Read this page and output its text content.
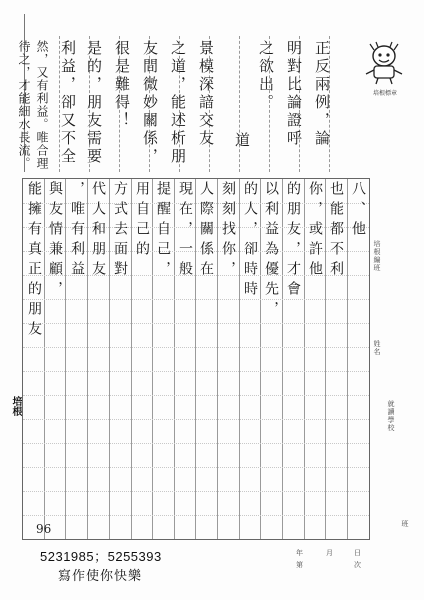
正反兩例，論
明對比論證呼
之欲出。
道
景模深諳交友
之道，能述析朋
友間微妙關係，
很是難得！
是的，朋友需要
利益，卻又不全
然，又有利益。唯合理待之，才能細水長流。
培根
培根標章
八、他
也能都不利
你，或許他
的朋友，才會
以利益為優先，
的人，卻時時
刻刻找你，
人際關係在
現在，一般
提醒自己，
用自己的
方式去面對
代人和朋友
，唯有利益
與友情兼顧，
能擁有真正的朋友	培根編班
姓名
就讀學校
班
年	月	日
第	次
96
5231985；5255393
寫作使你快樂
